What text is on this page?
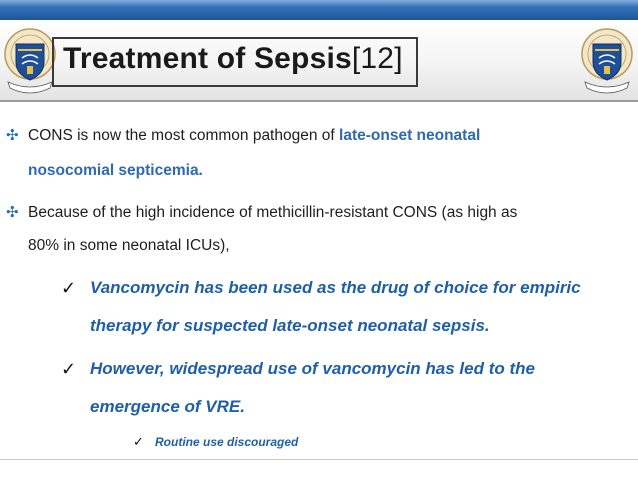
Treatment of Sepsis[12]
✣ CONS is now the most common pathogen of late-onset neonatal
nosocomial septicemia.
✣ Because of the high incidence of methicillin-resistant CONS (as high as
80% in some neonatal ICUs),
✓ Vancomycin has been used as the drug of choice for empiric
therapy for suspected late-onset neonatal sepsis.
✓ However, widespread use of vancomycin has led to the
emergence of VRE.
✓ Routine use discouraged
